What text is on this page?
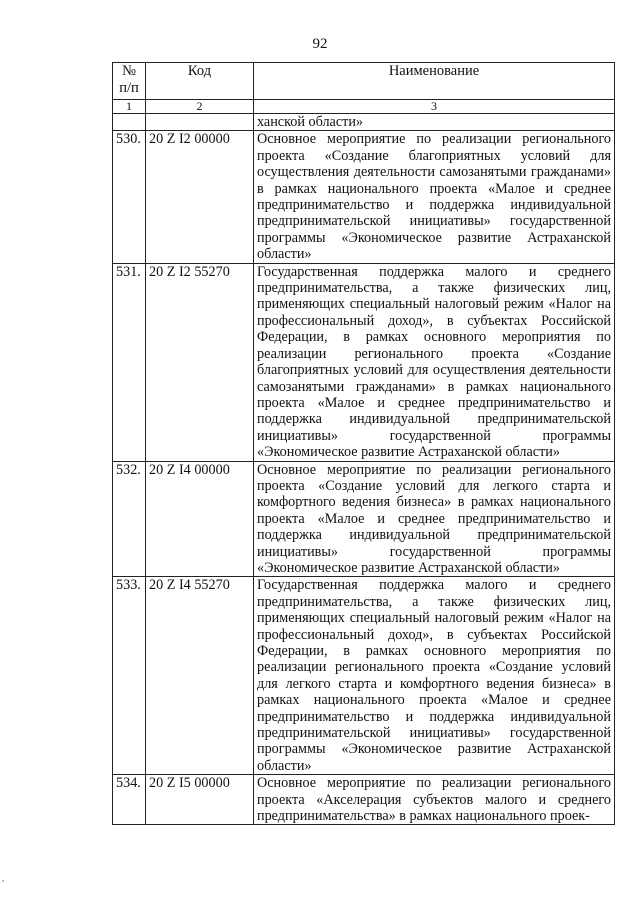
92
№
п/п	Код	Наименование
1	2	3
		ханской области»
530.	20 Z I2 00000	Основное мероприятие по реализации регионального проекта «Создание благоприятных условий для осуществления деятельности самозанятыми гражданами» в рамках национального проекта «Малое и среднее предпринимательство и поддержка индивидуальной предпринимательской инициативы» государственной программы «Экономическое развитие Астраханской области»
531.	20 Z I2 55270	Государственная поддержка малого и среднего предпринимательства, а также физических лиц, применяющих специальный налоговый режим «Налог на профессиональный доход», в субъектах Российской Федерации, в рамках основного мероприятия по реализации регионального проекта «Создание благоприятных условий для осуществления деятельности самозанятыми гражданами» в рамках национального проекта «Малое и среднее предпринимательство и поддержка индивидуальной предпринимательской инициативы» государственной программы «Экономическое развитие Астраханской области»
532.	20 Z I4 00000	Основное мероприятие по реализации регионального проекта «Создание условий для легкого старта и комфортного ведения бизнеса» в рамках национального проекта «Малое и среднее предпринимательство и поддержка индивидуальной предпринимательской инициативы» государственной программы «Экономическое развитие Астраханской области»
533.	20 Z I4 55270	Государственная поддержка малого и среднего предпринимательства, а также физических лиц, применяющих специальный налоговый режим «Налог на профессиональный доход», в субъектах Российской Федерации, в рамках основного мероприятия по реализации регионального проекта «Создание условий для легкого старта и комфортного ведения бизнеса» в рамках национального проекта «Малое и среднее предпринимательство и поддержка индивидуальной предпринимательской инициативы» государственной программы «Экономическое развитие Астраханской области»
534.	20 Z I5 00000	Основное мероприятие по реализации регионального проекта «Акселерация субъектов малого и среднего предпринимательства» в рамках национального проек-
